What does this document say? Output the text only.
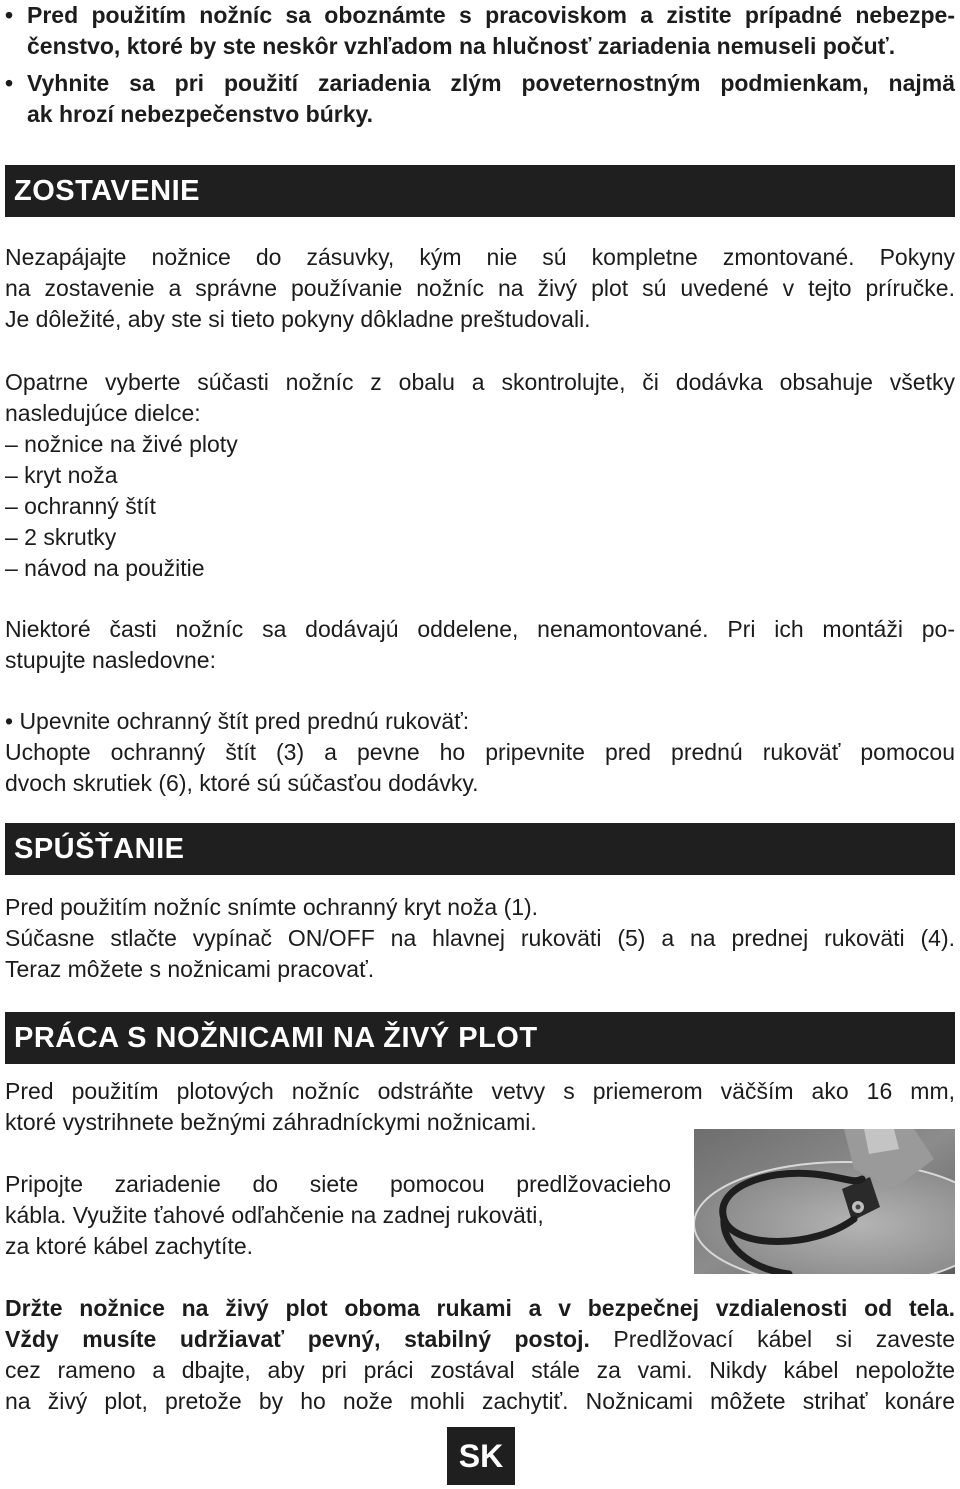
• Pred použitím nožníc sa oboznámte s pracoviskom a zistite prípadné nebezpe-
čenstvo, ktoré by ste neskôr vzhľadom na hlučnosť zariadenia nemuseli počuť.

• Vyhnite sa pri použití zariadenia zlým poveternostným podmienkam, najmä
ak hrozí nebezpečenstvo búrky.

ZOSTAVENIE

Nezapájajte nožnice do zásuvky, kým nie sú kompletne zmontované. Pokyny
na zostavenie a správne používanie nožníc na živý plot sú uvedené v tejto príručke.
Je dôležité, aby ste si tieto pokyny dôkladne preštudovali.

Opatrne vyberte súčasti nožníc z obalu a skontrolujte, či dodávka obsahuje všetky
nasledujúce dielce:
– nožnice na živé ploty
– kryt noža
– ochranný štít
– 2 skrutky
– návod na použitie

Niektoré časti nožníc sa dodávajú oddelene, nenamontované. Pri ich montáži po-
stupujte nasledovne:

• Upevnite ochranný štít pred prednú rukoväť:
Uchopte ochranný štít (3) a pevne ho pripevnite pred prednú rukoväť pomocou
dvoch skrutiek (6), ktoré sú súčasťou dodávky.

SPÚŠŤANIE

Pred použitím nožníc snímte ochranný kryt noža (1).
Súčasne stlačte vypínač ON/OFF na hlavnej rukoväti (5) a na prednej rukoväti (4).
Teraz môžete s nožnicami pracovať.

PRÁCA S NOŽNICAMI NA ŽIVÝ PLOT

Pred použitím plotových nožníc odstráňte vetvy s priemerom väčším ako 16 mm,
ktoré vystrihnete bežnými záhradníckymi nožnicami.

Pripojte zariadenie do siete pomocou predlžovacieho
kábla. Využite ťahové odľahčenie na zadnej rukoväti,
za ktoré kábel zachytíte.

Držte nožnice na živý plot oboma rukami a v bezpečnej vzdialenosti od tela.
Vždy musíte udržiavať pevný, stabilný postoj. Predlžovací kábel si zaveste
cez rameno a dbajte, aby pri práci zostával stále za vami. Nikdy kábel nepoložte
na živý plot, pretože by ho nože mohli zachytiť. Nožnicami môžete strihať konáre

SK
